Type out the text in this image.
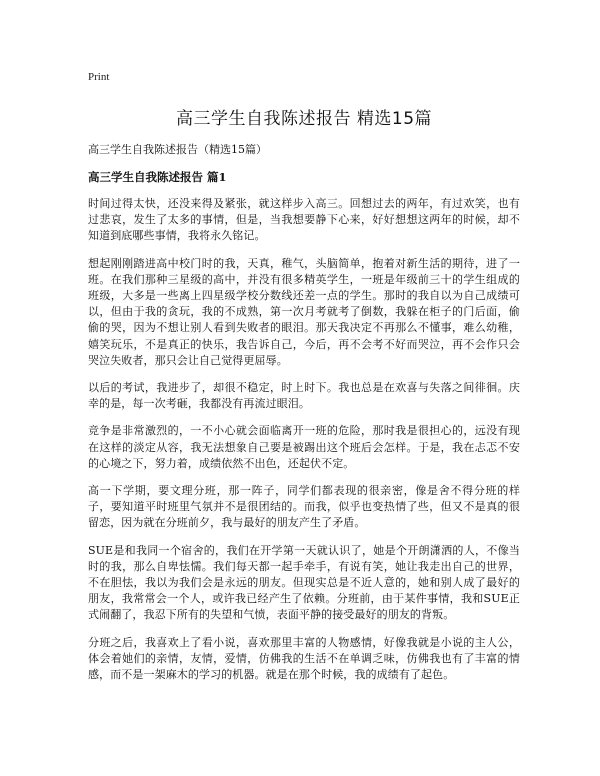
Print

高三学生自我陈述报告 精选15篇

高三学生自我陈述报告（精选15篇）

高三学生自我陈述报告 篇1

时间过得太快，还没来得及紧张，就这样步入高三。回想过去的两年，有过欢笑，也有过悲哀，发生了太多的事情，但是，当我想要静下心来，好好想想这两年的时候，却不知道到底哪些事情，我将永久铭记。

想起刚刚踏进高中校门时的我，天真，稚气，头脑简单，抱着对新生活的期待，进了一班。在我们那种三星级的高中，并没有很多精英学生，一班是年级前三十的学生组成的班级，大多是一些离上四星级学校分数线还差一点的学生。那时的我自以为自己成绩可以，但由于我的贪玩，我的不成熟，第一次月考就考了倒数，我躲在柜子的门后面，偷偷的哭，因为不想让别人看到失败者的眼泪。那天我决定不再那么不懂事，难么幼稚，嬉笑玩乐，不是真正的快乐，我告诉自己，今后，再不会考不好而哭泣，再不会作只会哭泣失败者，那只会让自己觉得更屈辱。

以后的考试，我进步了，却很不稳定，时上时下。我也总是在欢喜与失落之间徘徊。庆幸的是，每一次考砸，我都没有再流过眼泪。

竞争是非常激烈的，一不小心就会面临离开一班的危险，那时我是很担心的，远没有现在这样的淡定从容，我无法想象自己要是被踢出这个班后会怎样。于是，我在忐忑不安的心境之下，努力着，成绩依然不出色，还起伏不定。

高一下学期，要文理分班，那一阵子，同学们都表现的很亲密，像是舍不得分班的样子，要知道平时班里气氛并不是很团结的。而我，似乎也变热情了些，但又不是真的很留恋，因为就在分班前夕，我与最好的朋友产生了矛盾。

SUE是和我同一个宿舍的，我们在开学第一天就认识了，她是个开朗潇洒的人，不像当时的我，那么自卑怯懦。我们每天都一起手牵手，有说有笑，她让我走出自己的世界，不在胆怯，我以为我们会是永远的朋友。但现实总是不近人意的，她和别人成了最好的朋友，我常常会一个人，或许我已经产生了依赖。分班前，由于某件事情，我和SUE正式闹翻了，我忍下所有的失望和气愤，表面平静的接受最好的朋友的背叛。

分班之后，我喜欢上了看小说，喜欢那里丰富的人物感情，好像我就是小说的主人公，体会着她们的亲情，友情，爱情，仿佛我的生活不在单调乏味，仿佛我也有了丰富的情感，而不是一架麻木的学习的机器。就是在那个时候，我的成绩有了起色。
